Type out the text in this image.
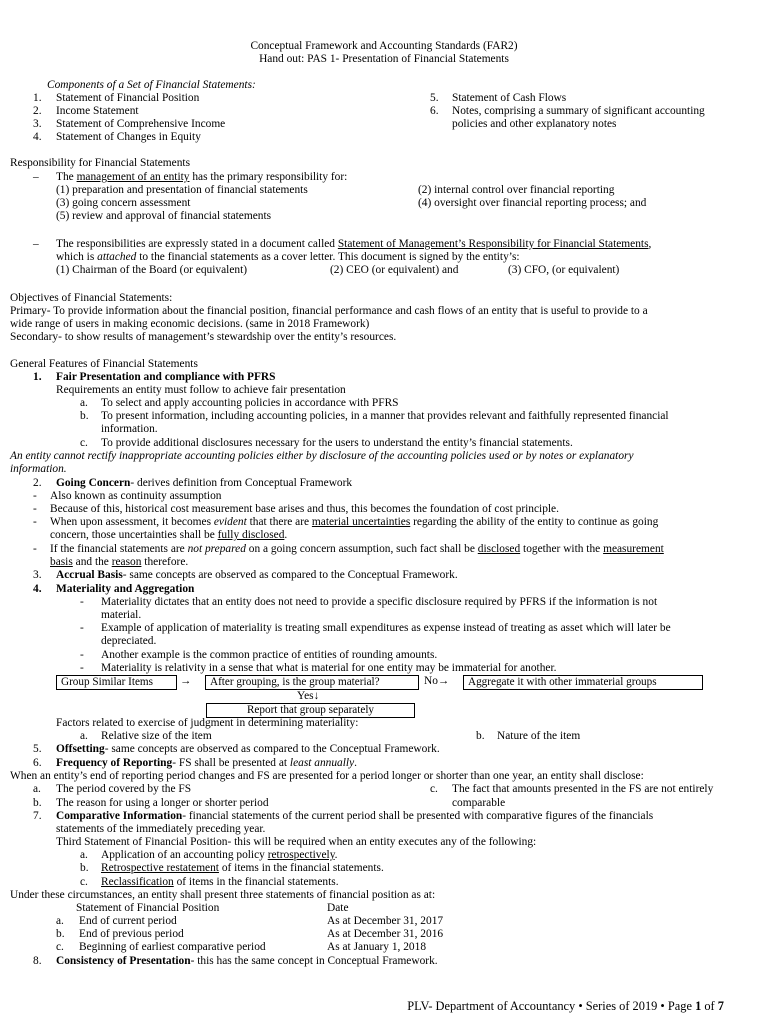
Conceptual Framework and Accounting Standards (FAR2)
Hand out: PAS 1- Presentation of Financial Statements
Components of a Set of Financial Statements:
1. Statement of Financial Position
2. Income Statement
3. Statement of Comprehensive Income
4. Statement of Changes in Equity
5. Statement of Cash Flows
6. Notes, comprising a summary of significant accounting
policies and other explanatory notes
Responsibility for Financial Statements
– The management of an entity has the primary responsibility for:
(1) preparation and presentation of financial statements	(2) internal control over financial reporting
(3) going concern assessment	(4) oversight over financial reporting process; and
(5) review and approval of financial statements
– The responsibilities are expressly stated in a document called Statement of Management’s Responsibility for Financial Statements,
which is attached to the financial statements as a cover letter. This document is signed by the entity’s:
(1) Chairman of the Board (or equivalent)	(2) CEO (or equivalent) and	(3) CFO, (or equivalent)
Objectives of Financial Statements:
Primary- To provide information about the financial position, financial performance and cash flows of an entity that is useful to provide to a
wide range of users in making economic decisions. (same in 2018 Framework)
Secondary- to show results of management’s stewardship over the entity’s resources.
General Features of Financial Statements
1. Fair Presentation and compliance with PFRS
Requirements an entity must follow to achieve fair presentation
a. To select and apply accounting policies in accordance with PFRS
b. To present information, including accounting policies, in a manner that provides relevant and faithfully represented financial
information.
c. To provide additional disclosures necessary for the users to understand the entity’s financial statements.
An entity cannot rectify inappropriate accounting policies either by disclosure of the accounting policies used or by notes or explanatory
information.
2. Going Concern- derives definition from Conceptual Framework
- Also known as continuity assumption
- Because of this, historical cost measurement base arises and thus, this becomes the foundation of cost principle.
- When upon assessment, it becomes evident that there are material uncertainties regarding the ability of the entity to continue as going
concern, those uncertainties shall be fully disclosed.
- If the financial statements are not prepared on a going concern assumption, such fact shall be disclosed together with the measurement
basis and the reason therefore.
3. Accrual Basis- same concepts are observed as compared to the Conceptual Framework.
4. Materiality and Aggregation
- Materiality dictates that an entity does not need to provide a specific disclosure required by PFRS if the information is not
material.
- Example of application of materiality is treating small expenditures as expense instead of treating as asset which will later be
depreciated.
- Another example is the common practice of entities of rounding amounts.
- Materiality is relativity in a sense that what is material for one entity may be immaterial for another.
Group Similar Items	→	After grouping, is the group material?	No→	Aggregate it with other immaterial groups
Yes↓
Report that group separately
Factors related to exercise of judgment in determining materiality:
a. Relative size of the item	b. Nature of the item
5. Offsetting- same concepts are observed as compared to the Conceptual Framework.
6. Frequency of Reporting- FS shall be presented at least annually.
When an entity’s end of reporting period changes and FS are presented for a period longer or shorter than one year, an entity shall disclose:
a. The period covered by the FS
b. The reason for using a longer or shorter period
c. The fact that amounts presented in the FS are not entirely
comparable
7. Comparative Information- financial statements of the current period shall be presented with comparative figures of the financials
statements of the immediately preceding year.
Third Statement of Financial Position- this will be required when an entity executes any of the following:
a. Application of an accounting policy retrospectively.
b. Retrospective restatement of items in the financial statements.
c. Reclassification of items in the financial statements.
Under these circumstances, an entity shall present three statements of financial position as at:
Statement of Financial Position	Date
a. End of current period	As at December 31, 2017
b. End of previous period	As at December 31, 2016
c. Beginning of earliest comparative period	As at January 1, 2018
8. Consistency of Presentation- this has the same concept in Conceptual Framework.
PLV- Department of Accountancy • Series of 2019 • Page 1 of 7
